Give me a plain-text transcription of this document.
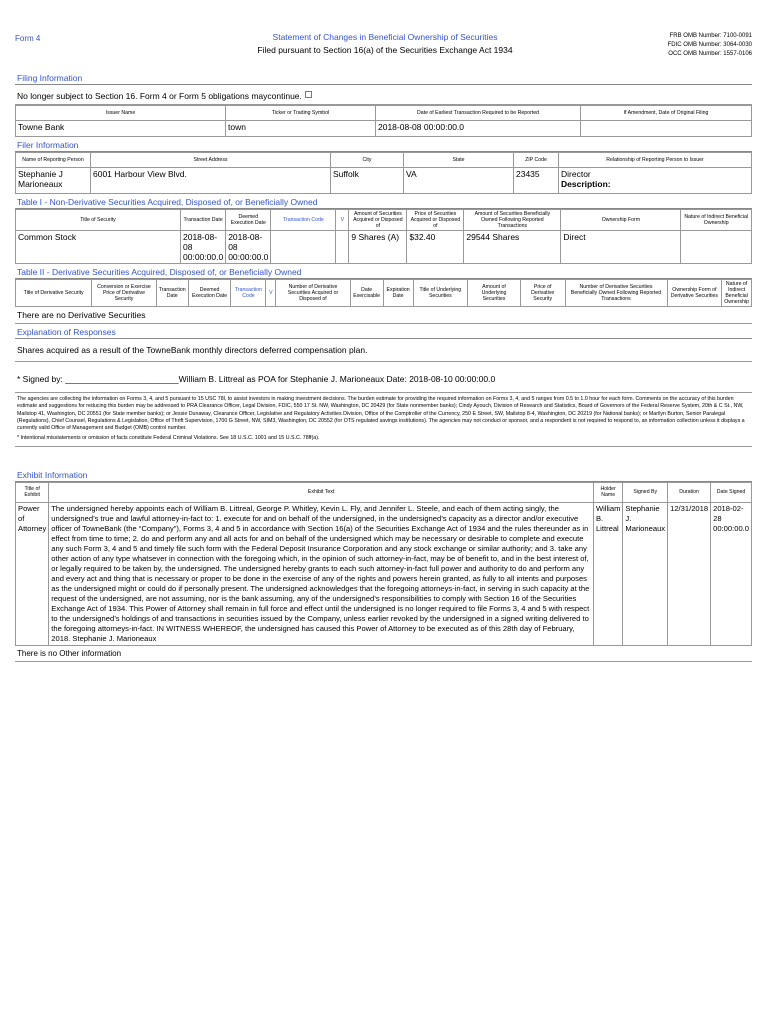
Form 4	Statement of Changes in Beneficial Ownership of Securities
Filed pursuant to Section 16(a) of the Securities Exchange Act 1934
FRB OMB Number: 7100-0091
FDIC OMB Number: 3064-0030
OCC OMB Number: 1557-0106
Filing Information
No longer subject to Section 16. Form 4 or Form 5 obligations maycontinue.
Issuer Name	Ticker or Trading Symbol	Date of Earliest Transaction Required to be Reported	If Amendment, Date of Original Filing
Towne Bank	town	2018-08-08 00:00:00.0	
Filer Information
Name of Reporting Person	Street Address	City	State	ZIP Code	Relationship of Reporting Person to Issuer
Stephanie J Marioneaux	6001 Harbour View Blvd.	Suffolk	VA	23435	Director
Description:
Table I - Non-Derivative Securities Acquired, Disposed of, or Beneficially Owned
Title of Security	Transaction Date	Deemed Execution Date	Transaction Code	V	Amount of Securities Acquired or Disposed of	Price of Securities Acquired or Disposed of	Amount of Securities Beneficially Owned Following Reported Transactions	Ownership Form	Nature of Indirect Beneficial Ownership
Common Stock	2018-08-08 00:00:00.0	2018-08-08 00:00:00.0			9 Shares (A)	$32.40	29544 Shares	Direct	
Table II - Derivative Securities Acquired, Disposed of, or Beneficially Owned
Title of Derivative Security	Conversion or Exercise Price of Derivative Security	Transaction Date	Deemed Execution Date	Transaction Code	V	Number of Derivative Securities Acquired or Disposed of	Date Exercisable	Expiration Date	Title of Underlying Securities	Amount of Underlying Securities	Price of Derivative Security	Number of Derivative Securities Beneficially Owned Following Reported Transactions	Ownership Form of Derivative Securities	Nature of Indirect Beneficial Ownership
There are no Derivative Securities
Explanation of Responses
Shares acquired as a result of the TowneBank monthly directors deferred compensation plan.
* Signed by: ________________________William B. Littreal as POA for Stephanie J. Marioneaux Date: 2018-08-10 00:00:00.0
The agencies are collecting the information on Forms 3, 4, and 5 pursuant to 15 USC 78l, to assist investors in making investment decisions. The burden estimate for providing the required information on Forms 3, 4, and 5 ranges from 0.5 to 1.0 hour for each form. Comments on the accuracy of this burden estimate and suggestions for reducing this burden may be addressed to PRA Clearance Officer, Legal Division, FDIC, 550 17 St. NW, Washington, DC 20429 (for State nonmember banks); Cindy Ayouch, Division of Research and Statistics, Board of Governors of the Federal Reserve System, 20th & C St., NW, Mailstop 41, Washington, DC 20551 (for State member banks); or Jessie Dunaway, Clearance Officer, Legislative and Regulatory Activities Division, Office of the Comptroller of the Currency, 250 E Street, SW, Mailstop 8-4, Washington, DC 20219 (for National banks); or Marilyn Burton, Senior Paralegal (Regulations), Chief Counsel, Regulations & Legislation, Office of Thrift Supervision, 1700 G Street, NW, SIM3, Washington, DC 20552 (for OTS regulated savings institutions). The agencies may not conduct or sponsor, and a respondent is not required to respond to, an information collection unless it displays a currently valid Office of Management and Budget (OMB) control number.
* Intentional misstatements or omission of facts constitute Federal Criminal Violations. See 18 U.S.C. 1001 and 15 U.S.C. 78ff(a).
Exhibit Information
Title of Exhibit	Exhibit Text	Holder Name	Signed By	Duration	Date Signed
Power of Attorney	The undersigned hereby appoints each of William B. Littreal, George P. Whitley, Kevin L. Fly, and Jennifer L. Steele, and each of them acting singly, the undersigned’s true and lawful attorney-in-fact to: 1. execute for and on behalf of the undersigned, in the undersigned’s capacity as a director and/or executive officer of TowneBank (the “Company”), Forms 3, 4 and 5 in accordance with Section 16(a) of the Securities Exchange Act of 1934 and the rules thereunder as in effect from time to time; 2. do and perform any and all acts for and on behalf of the undersigned which may be necessary or desirable to complete and execute any such Form 3, 4 and 5 and timely file such form with the Federal Deposit Insurance Corporation and any stock exchange or similar authority; and 3. take any other action of any type whatsever in connection with the foregoing which, in the opinion of such attorney-in-fact, may be of benefit to, and in the best interest of, or legally required to be taken by, the undersigned. The undersigned hereby grants to each such attorney-in-fact full power and authority to do and perform any and every act and thing that is necessary or proper to be done in the exercise of any of the rights and powers herein granted, as fully to all intents and purposes as the undersigned might or could do if personally present. The undersigned acknowledges that the foregoing attorneys-in-fact, in serving in such capacity at the request of the undersigned, are not assuming, nor is the bank assuming, any of the undersigned’s responsibilities to comply with Section 16 of the Securities Exchange Act of 1934. This Power of Attorney shall remain in full force and effect until the undersigned is no longer required to file Forms 3, 4 and 5 with respect to the undersigned’s holdings of and transactions in securities issued by the Company, unless earlier revoked by the undersigned in a signed writing delivered to the foregoing attorneys-in-fact. IN WITNESS WHEREOF, the undersigned has caused this Power of Attorney to be executed as of this 28th day of February, 2018. Stephanie J. Marioneaux	William B. Littreal	Stephanie J. Marioneaux	12/31/2018	2018-02-28 00:00:00.0
There is no Other information
